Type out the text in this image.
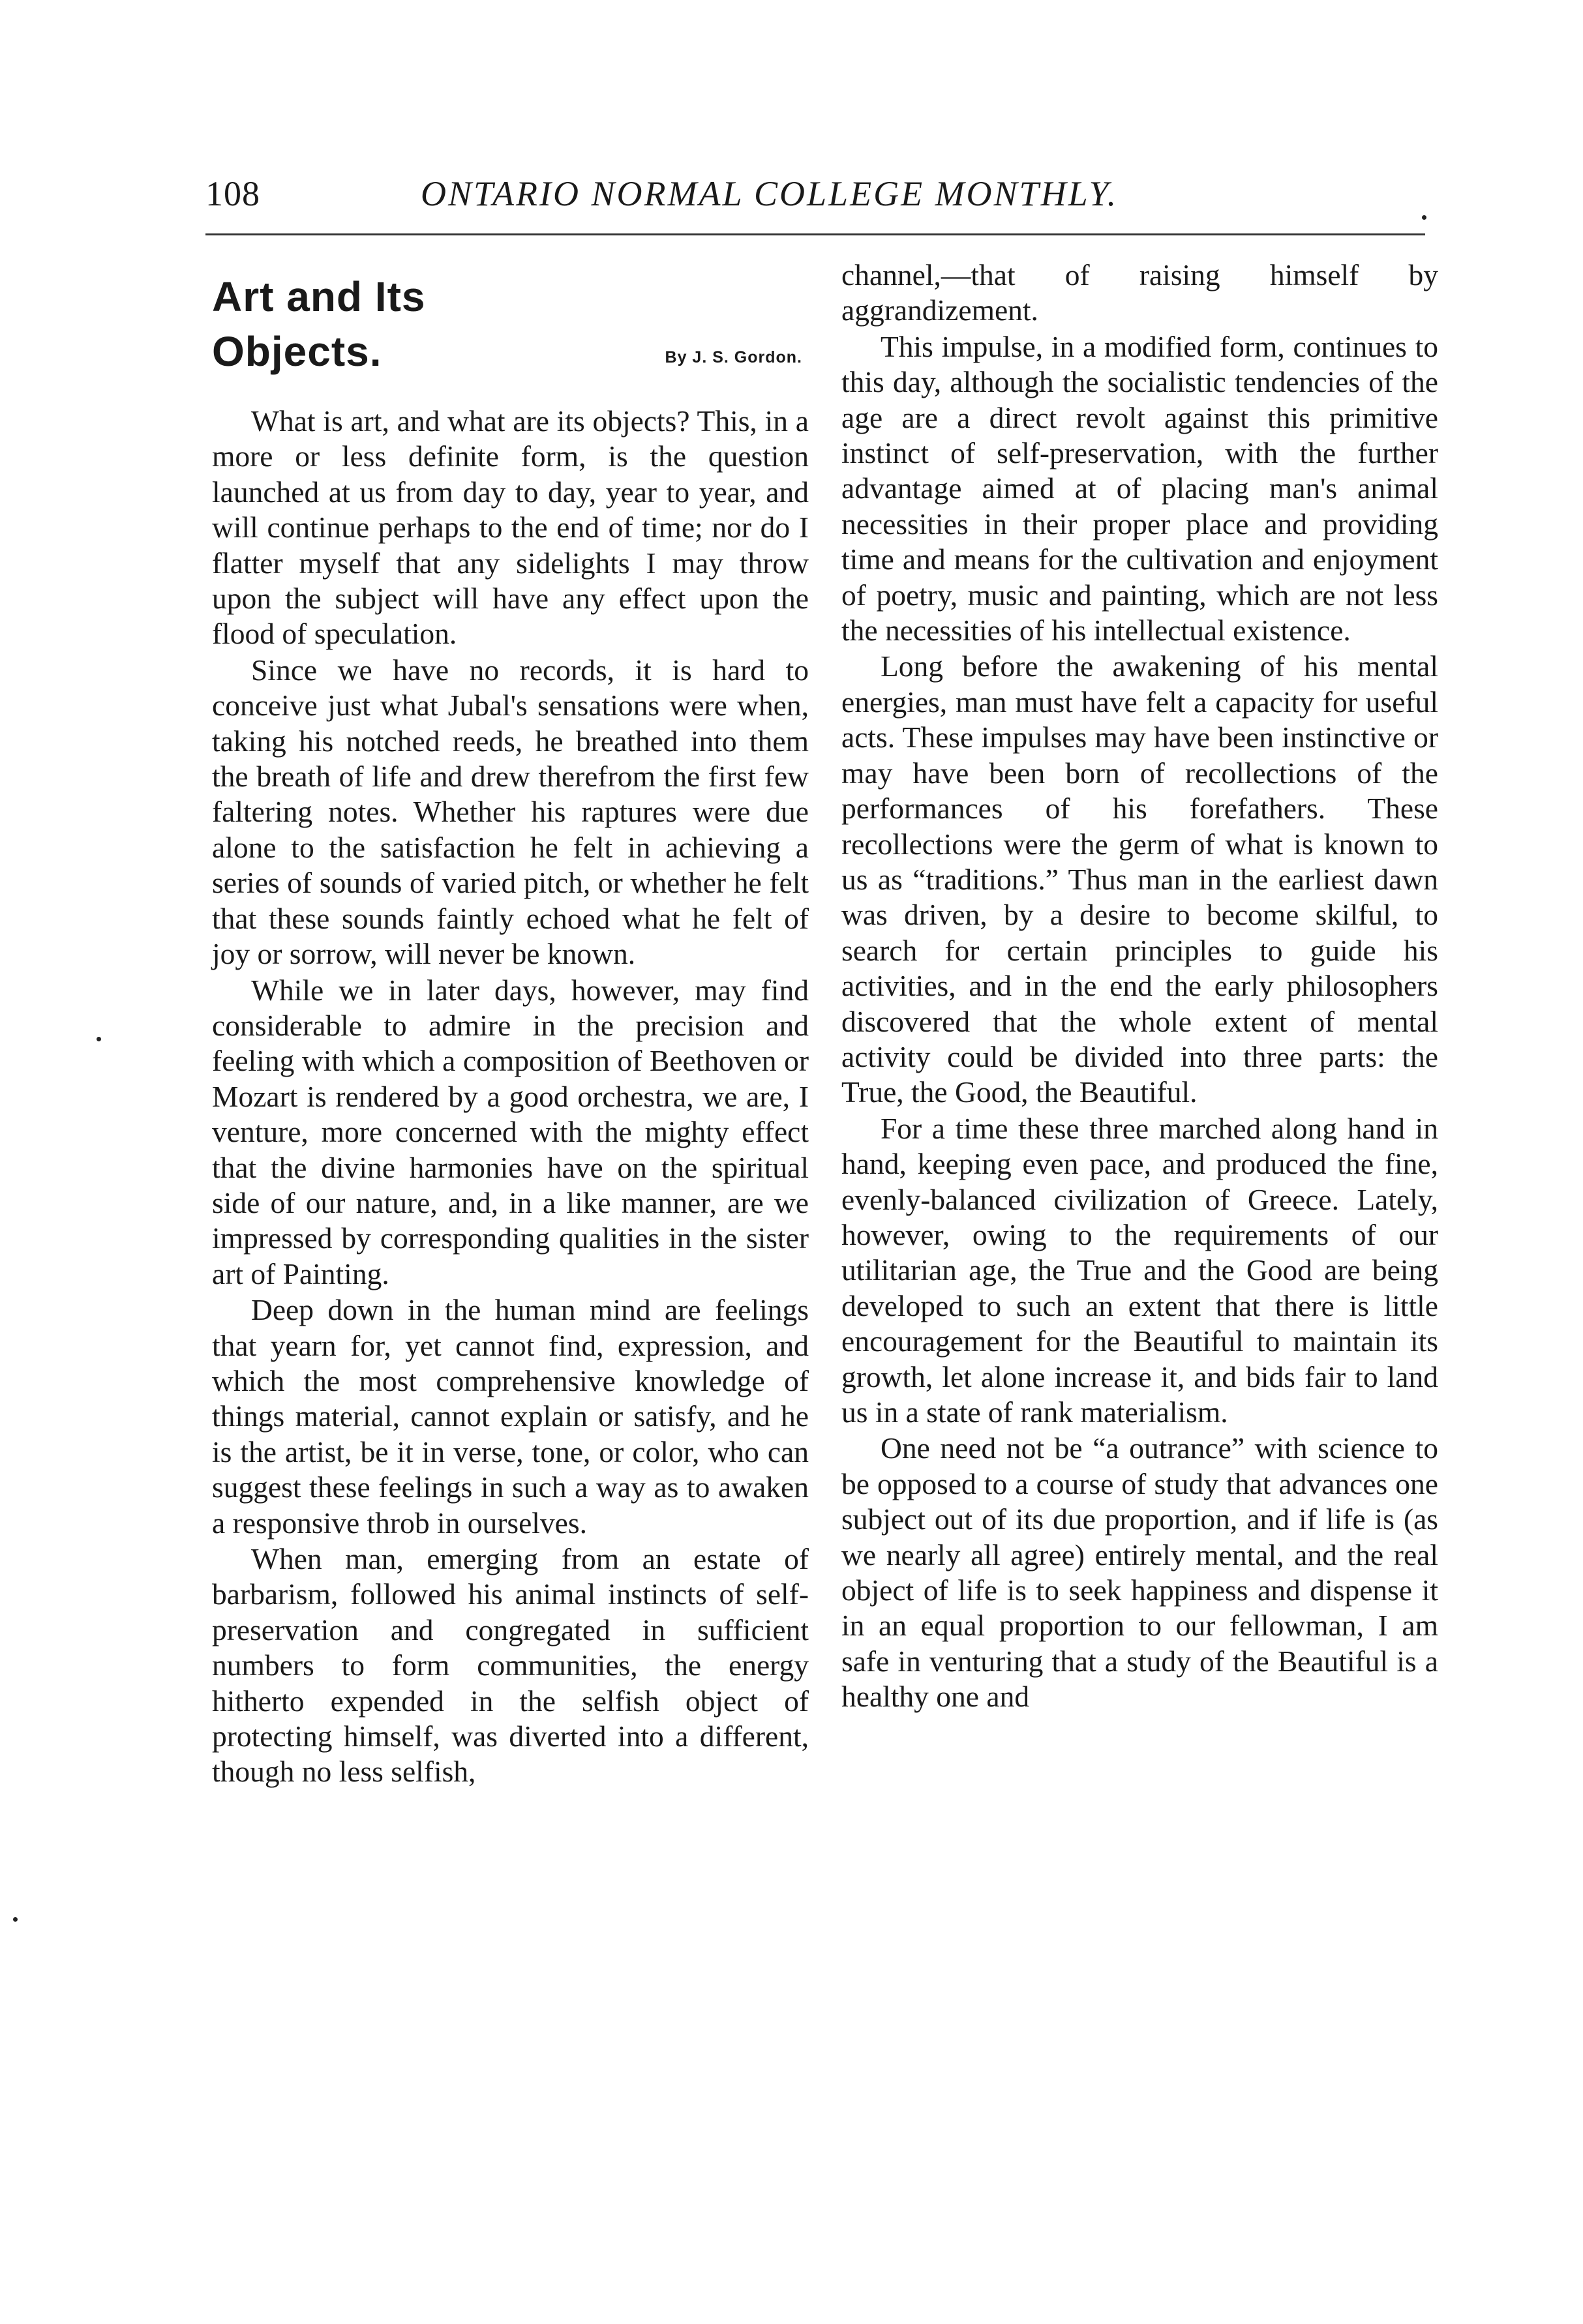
108	ONTARIO NORMAL COLLEGE MONTHLY.
Art and Its
Objects.	By J. S. Gordon.

What is art, and what are its objects? This, in a more or less definite form, is the question launched at us from day to day, year to year, and will continue perhaps to the end of time; nor do I flatter myself that any sidelights I may throw upon the subject will have any effect upon the flood of speculation.

Since we have no records, it is hard to conceive just what Jubal's sensations were when, taking his notched reeds, he breathed into them the breath of life and drew therefrom the first few faltering notes. Whether his raptures were due alone to the satisfaction he felt in achieving a series of sounds of varied pitch, or whether he felt that these sounds faintly echoed what he felt of joy or sorrow, will never be known.

While we in later days, however, may find considerable to admire in the precision and feeling with which a composition of Beethoven or Mozart is rendered by a good orchestra, we are, I venture, more concerned with the mighty effect that the divine harmonies have on the spiritual side of our nature, and, in a like manner, are we impressed by corresponding qualities in the sister art of Painting.

Deep down in the human mind are feelings that yearn for, yet cannot find, expression, and which the most comprehensive knowledge of things material, cannot explain or satisfy, and he is the artist, be it in verse, tone, or color, who can suggest these feelings in such a way as to awaken a responsive throb in ourselves.

When man, emerging from an estate of barbarism, followed his animal instincts of self-preservation and congregated in sufficient numbers to form communities, the energy hitherto expended in the selfish object of protecting himself, was diverted into a different, though no less selfish,

channel,—that of raising himself by aggrandizement.

This impulse, in a modified form, continues to this day, although the socialistic tendencies of the age are a direct revolt against this primitive instinct of self-preservation, with the further advantage aimed at of placing man's animal necessities in their proper place and providing time and means for the cultivation and enjoyment of poetry, music and painting, which are not less the necessities of his intellectual existence.

Long before the awakening of his mental energies, man must have felt a capacity for useful acts. These impulses may have been instinctive or may have been born of recollections of the performances of his forefathers. These recollections were the germ of what is known to us as “traditions.” Thus man in the earliest dawn was driven, by a desire to become skilful, to search for certain principles to guide his activities, and in the end the early philosophers discovered that the whole extent of mental activity could be divided into three parts: the True, the Good, the Beautiful.

For a time these three marched along hand in hand, keeping even pace, and produced the fine, evenly-balanced civilization of Greece. Lately, however, owing to the requirements of our utilitarian age, the True and the Good are being developed to such an extent that there is little encouragement for the Beautiful to maintain its growth, let alone increase it, and bids fair to land us in a state of rank materialism.

One need not be “a outrance” with science to be opposed to a course of study that advances one subject out of its due proportion, and if life is (as we nearly all agree) entirely mental, and the real object of life is to seek happiness and dispense it in an equal proportion to our fellowman, I am safe in venturing that a study of the Beautiful is a healthy one and
